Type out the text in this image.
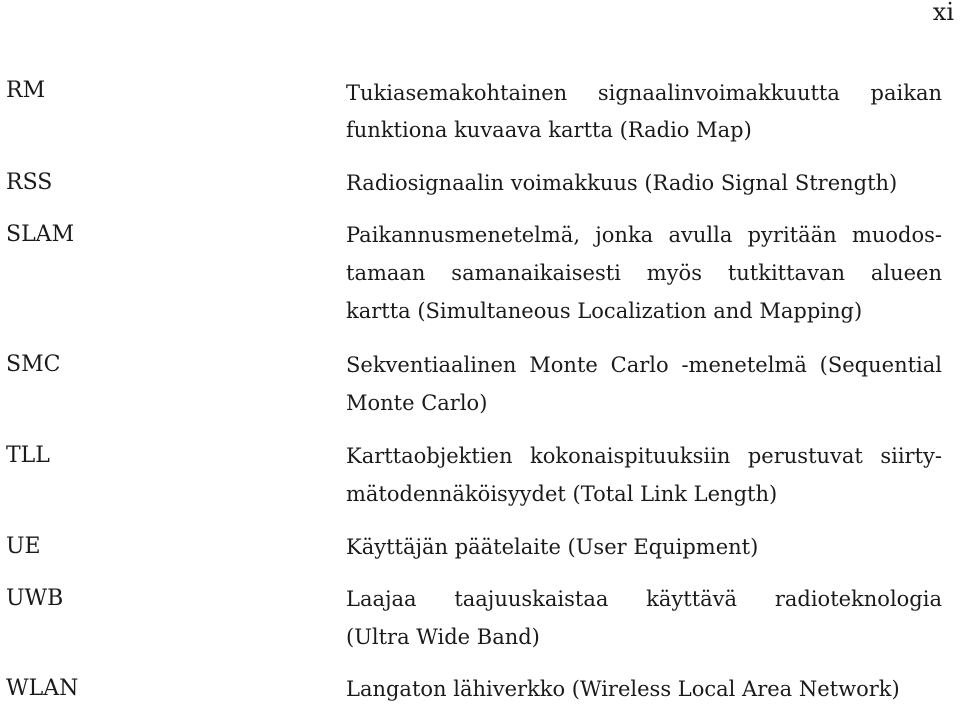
xi
RM	Tukiasemakohtainen signaalinvoimakkuutta paikan
funktiona kuvaava kartta (Radio Map)
RSS	Radiosignaalin voimakkuus (Radio Signal Strength)
SLAM	Paikannusmenetelmä, jonka avulla pyritään muodos-
tamaan samanaikaisesti myös tutkittavan alueen
kartta (Simultaneous Localization and Mapping)
SMC	Sekventiaalinen Monte Carlo -menetelmä (Sequential
Monte Carlo)
TLL	Karttaobjektien kokonaispituuksiin perustuvat siirty-
mätodennäköisyydet (Total Link Length)
UE	Käyttäjän päätelaite (User Equipment)
UWB	Laajaa taajuuskaistaa käyttävä radioteknologia
(Ultra Wide Band)
WLAN	Langaton lähiverkko (Wireless Local Area Network)
